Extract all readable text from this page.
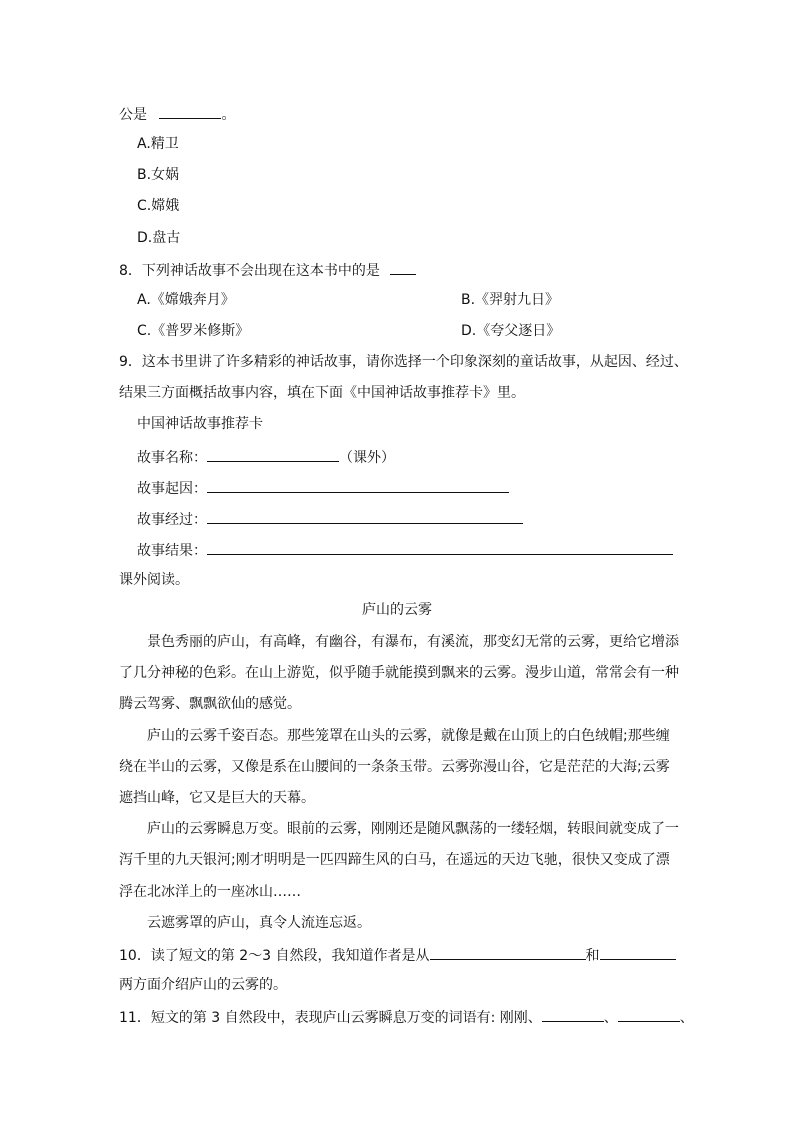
公是	。
A.精卫
B.女娲
C.嫦娥
D.盘古
8．下列神话故事不会出现在这本书中的是
A.《嫦娥奔月》	B.《羿射九日》
C.《普罗米修斯》	D.《夸父逐日》
9．这本书里讲了许多精彩的神话故事，请你选择一个印象深刻的童话故事，从起因、经过、
结果三方面概括故事内容，填在下面《中国神话故事推荐卡》里。
中国神话故事推荐卡
故事名称：	（课外）
故事起因：
故事经过：
故事结果：
课外阅读。
庐山的云雾
景色秀丽的庐山，有高峰，有幽谷，有瀑布，有溪流，那变幻无常的云雾，更给它增添
了几分神秘的色彩。在山上游览，似乎随手就能摸到飘来的云雾。漫步山道，常常会有一种
腾云驾雾、飘飘欲仙的感觉。
庐山的云雾千姿百态。那些笼罩在山头的云雾，就像是戴在山顶上的白色绒帽;那些缠
绕在半山的云雾，又像是系在山腰间的一条条玉带。云雾弥漫山谷，它是茫茫的大海;云雾
遮挡山峰，它又是巨大的天幕。
庐山的云雾瞬息万变。眼前的云雾，刚刚还是随风飘荡的一缕轻烟，转眼间就变成了一
泻千里的九天银河;刚才明明是一匹四蹄生风的白马，在遥远的天边飞驰，很快又变成了漂
浮在北冰洋上的一座冰山……
云遮雾罩的庐山，真令人流连忘返。
10．读了短文的第 2～3 自然段，我知道作者是从	和
两方面介绍庐山的云雾的。
11．短文的第 3 自然段中，表现庐山云雾瞬息万变的词语有: 刚刚、	、	、
